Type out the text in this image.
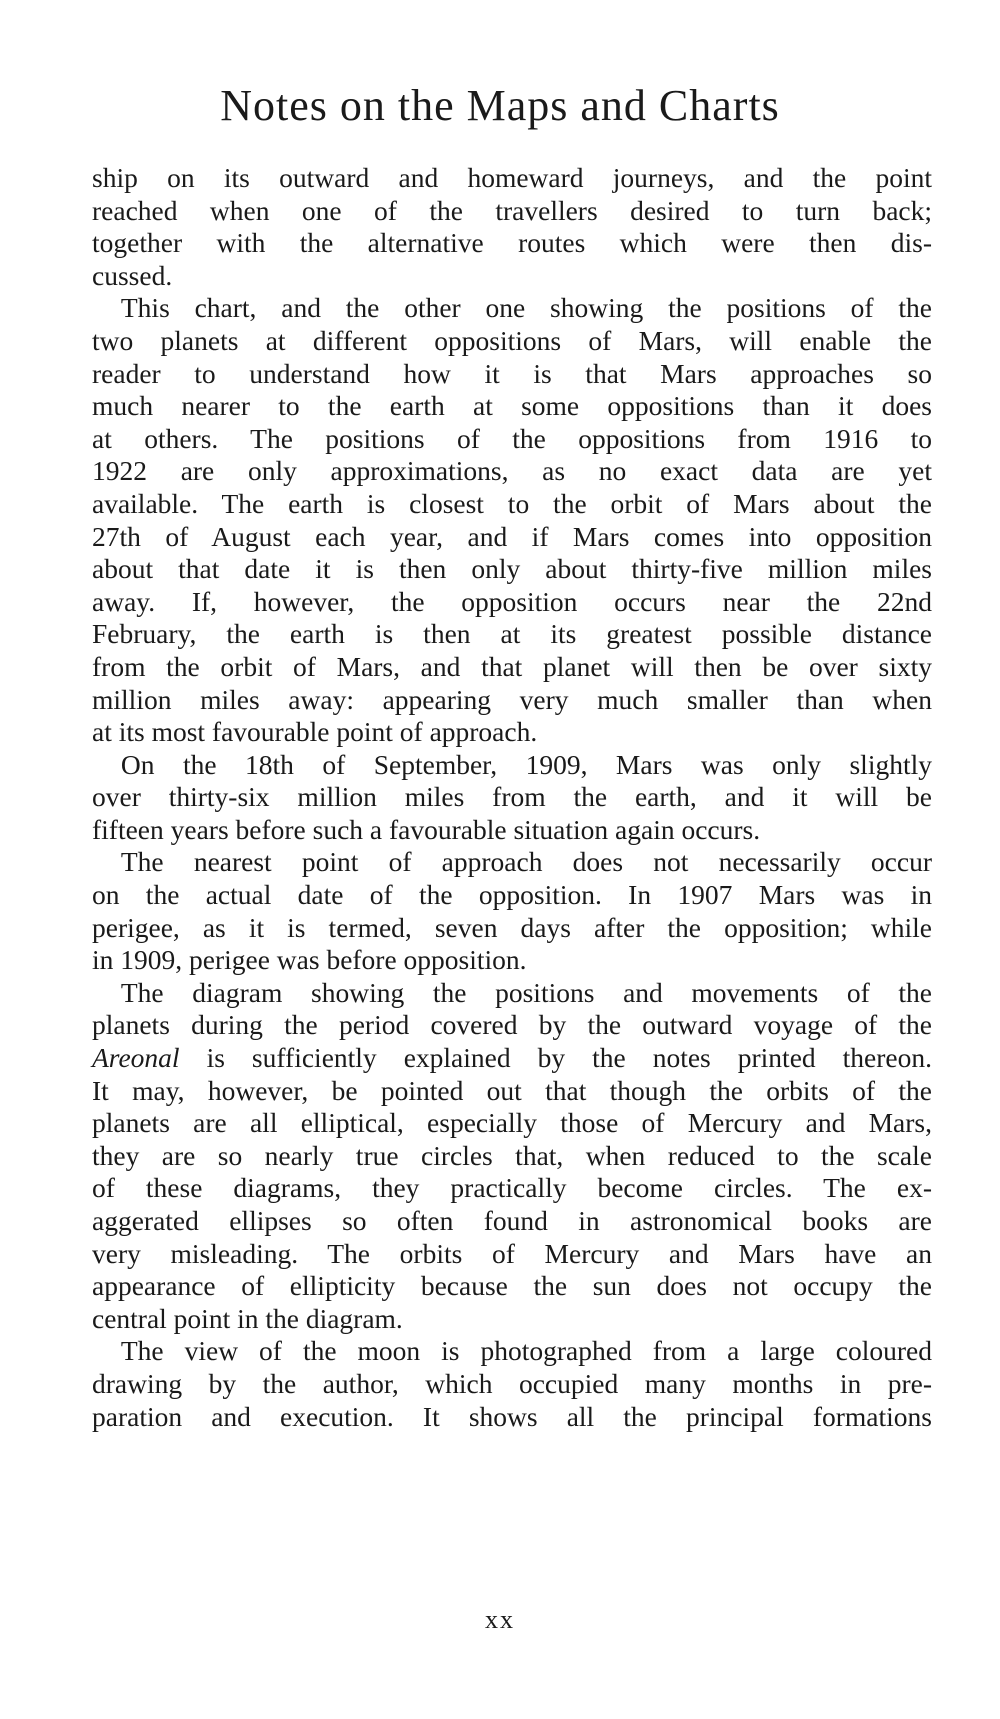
Notes on the Maps and Charts

ship on its outward and homeward journeys, and the point
reached when one of the travellers desired to turn back;
together with the alternative routes which were then dis-
cussed.

This chart, and the other one showing the positions of the
two planets at different oppositions of Mars, will enable the
reader to understand how it is that Mars approaches so
much nearer to the earth at some oppositions than it does
at others. The positions of the oppositions from 1916 to
1922 are only approximations, as no exact data are yet
available. The earth is closest to the orbit of Mars about the
27th of August each year, and if Mars comes into opposition
about that date it is then only about thirty-five million miles
away. If, however, the opposition occurs near the 22nd
February, the earth is then at its greatest possible distance
from the orbit of Mars, and that planet will then be over sixty
million miles away: appearing very much smaller than when
at its most favourable point of approach.

On the 18th of September, 1909, Mars was only slightly
over thirty-six million miles from the earth, and it will be
fifteen years before such a favourable situation again occurs.

The nearest point of approach does not necessarily occur
on the actual date of the opposition. In 1907 Mars was in
perigee, as it is termed, seven days after the opposition; while
in 1909, perigee was before opposition.

The diagram showing the positions and movements of the
planets during the period covered by the outward voyage of the
Areonal is sufficiently explained by the notes printed thereon.
It may, however, be pointed out that though the orbits of the
planets are all elliptical, especially those of Mercury and Mars,
they are so nearly true circles that, when reduced to the scale
of these diagrams, they practically become circles. The ex-
aggerated ellipses so often found in astronomical books are
very misleading. The orbits of Mercury and Mars have an
appearance of ellipticity because the sun does not occupy the
central point in the diagram.

The view of the moon is photographed from a large coloured
drawing by the author, which occupied many months in pre-
paration and execution. It shows all the principal formations

xx
